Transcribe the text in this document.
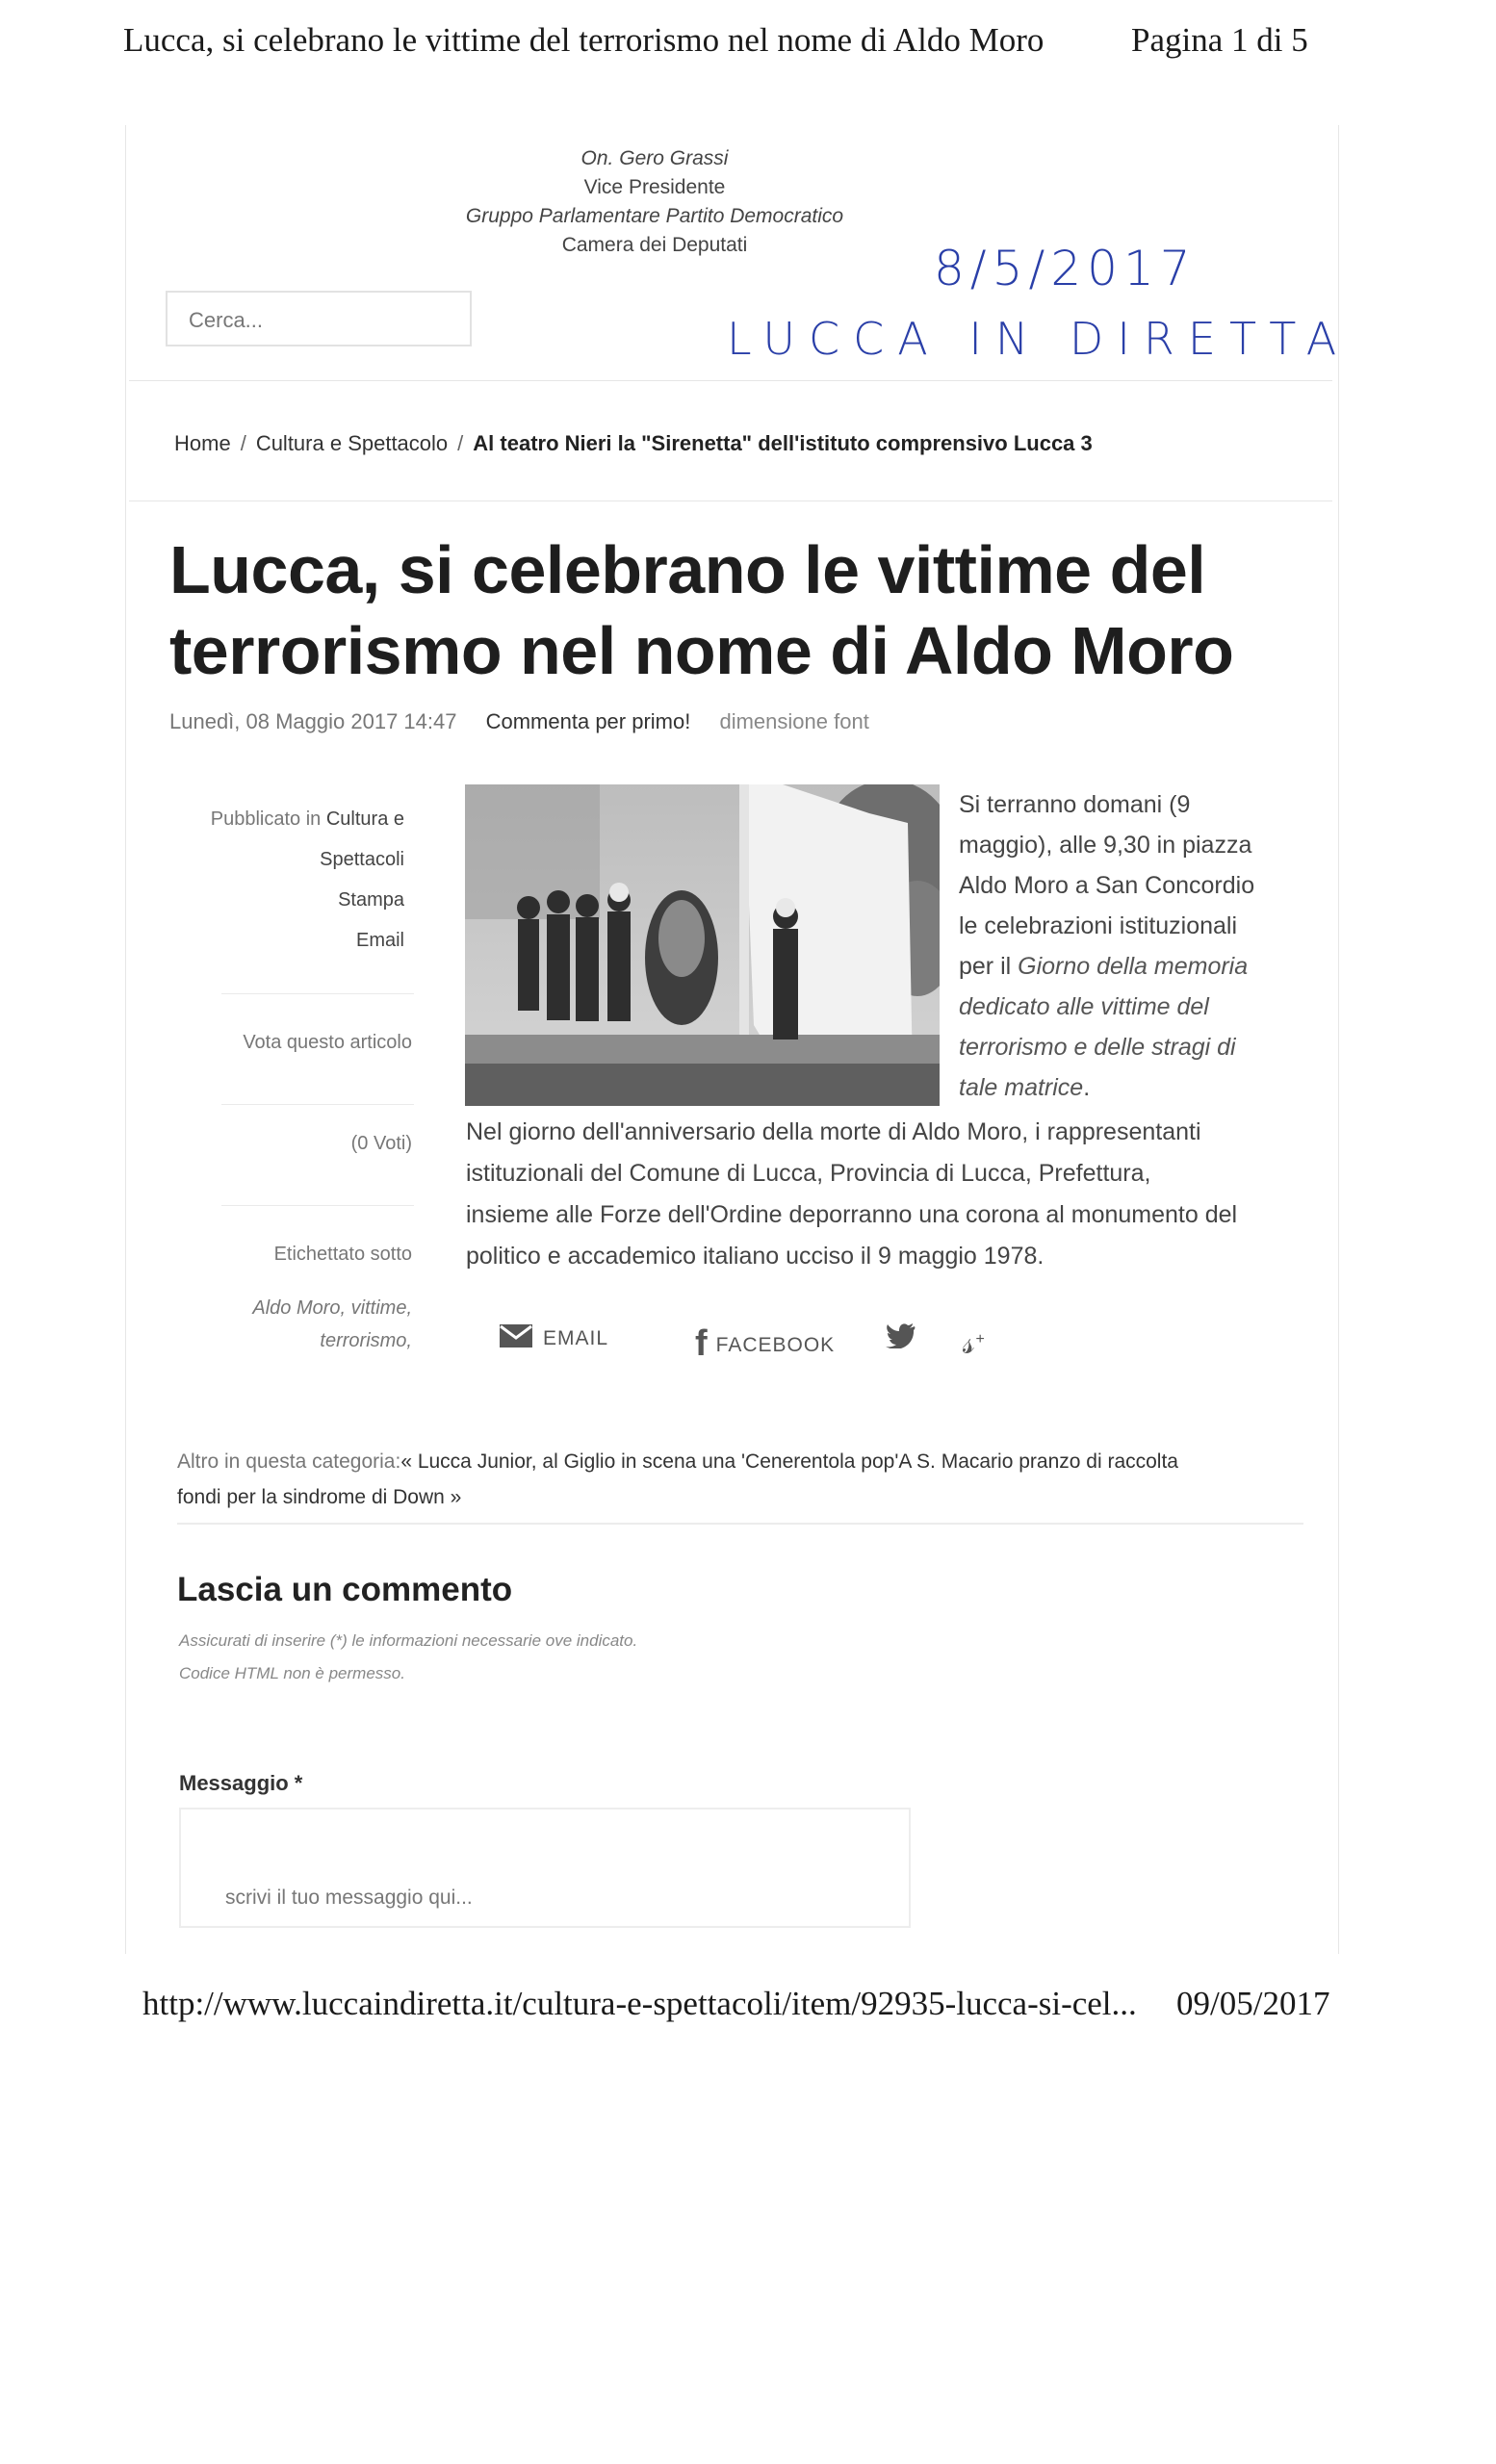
Lucca, si celebrano le vittime del terrorismo nel nome di Aldo Moro	Pagina 1 di 5
On. Gero Grassi
Vice Presidente
Gruppo Parlamentare Partito Democratico
Camera dei Deputati	8/5/2017
LUCCA IN DIRETTA
Cerca...
Home / Cultura e Spettacolo / Al teatro Nieri la "Sirenetta" dell'istituto comprensivo Lucca 3
Lucca, si celebrano le vittime del
terrorismo nel nome di Aldo Moro
Lunedì, 08 Maggio 2017 14:47 Commenta per primo! dimensione font
Pubblicato in Cultura e
Spettacoli
Stampa
Email
Vota questo articolo
(0 Voti)
Etichettato sotto
Aldo Moro, vittime,
terrorismo,
Si terranno domani (9
maggio), alle 9,30 in piazza
Aldo Moro a San Concordio
le celebrazioni istituzionali
per il Giorno della memoria
dedicato alle vittime del
terrorismo e delle stragi di
tale matrice.
Nel giorno dell'anniversario della morte di Aldo Moro, i rappresentanti
istituzionali del Comune di Lucca, Provincia di Lucca, Prefettura,
insieme alle Forze dell'Ordine deporranno una corona al monumento del
politico e accademico italiano ucciso il 9 maggio 1978.
EMAIL fFACEBOOK	𝓈+
Altro in questa categoria:« Lucca Junior, al Giglio in scena una 'Cenerentola pop'A S. Macario pranzo di raccolta
fondi per la sindrome di Down »
Lascia un commento
Assicurati di inserire (*) le informazioni necessarie ove indicato.
Codice HTML non è permesso.
Messaggio *
scrivi il tuo messaggio qui...
http://www.luccaindiretta.it/cultura-e-spettacoli/item/92935-lucca-si-cel... 09/05/2017
